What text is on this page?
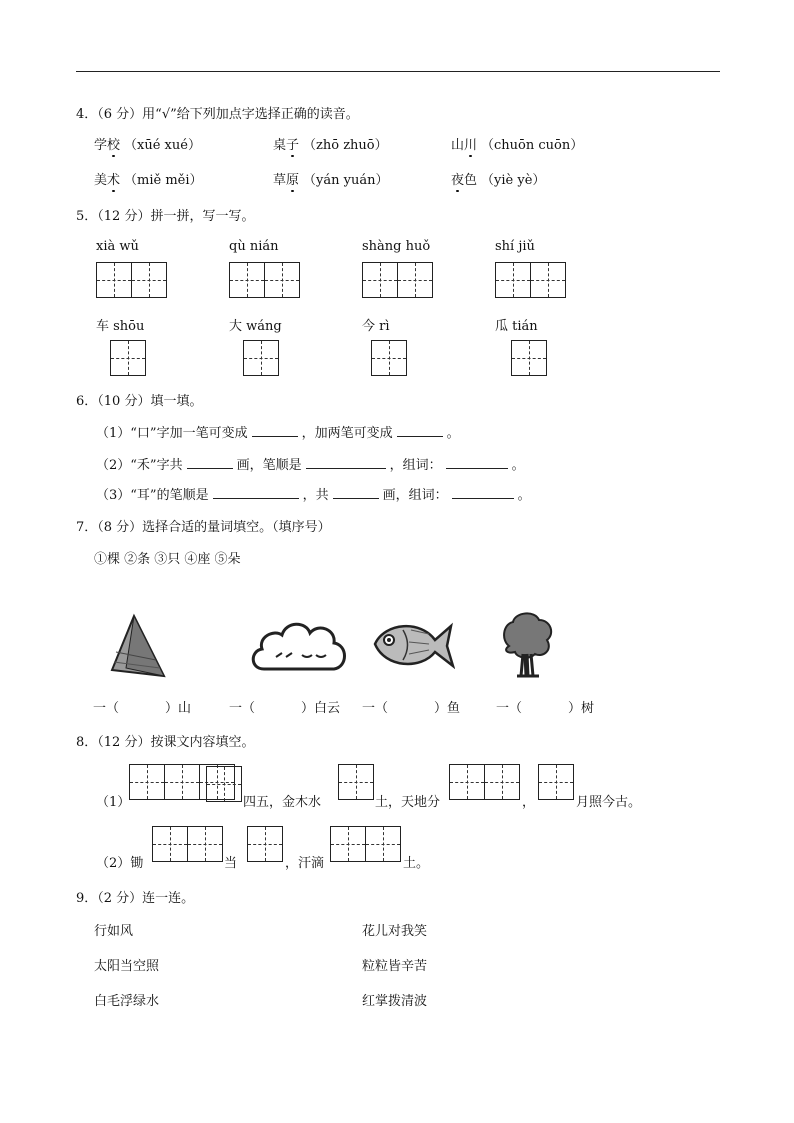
4．（6 分）用“√”给下列加点字选择正确的读音。
学校 （xūé xué）	桌子 （zhō zhuō）	山川 （chuōn cuōn）
美术 （miě měi）	草原 （yán yuán）	夜色 （yiè yè）
5．（12 分）拼一拼，写一写。
xià wǔ	qù nián	shàng huǒ	shí jiǔ
车 shōu	大 wáng	今 rì	瓜 tián
6．（10 分）填一填。
（1）“口”字加一笔可变成	，加两笔可变成	。
（2）“禾”字共	画，笔顺是	，组词：	。
（3）“耳”的笔顺是	，共	画，组词：	。
7．（8 分）选择合适的量词填空。（填序号）
①棵 ②条 ③只 ④座 ⑤朵
一（	）山	一（	）白云 一（	）鱼	一（	）树
8．（12 分）按课文内容填空。
（1）	四五，金木水	土，天地分	，	月照今古。
（2）锄	当	，汗滴	土。
9．（2 分）连一连。
行如风
太阳当空照
白毛浮绿水
花儿对我笑
粒粒皆辛苦
红掌拨清波
